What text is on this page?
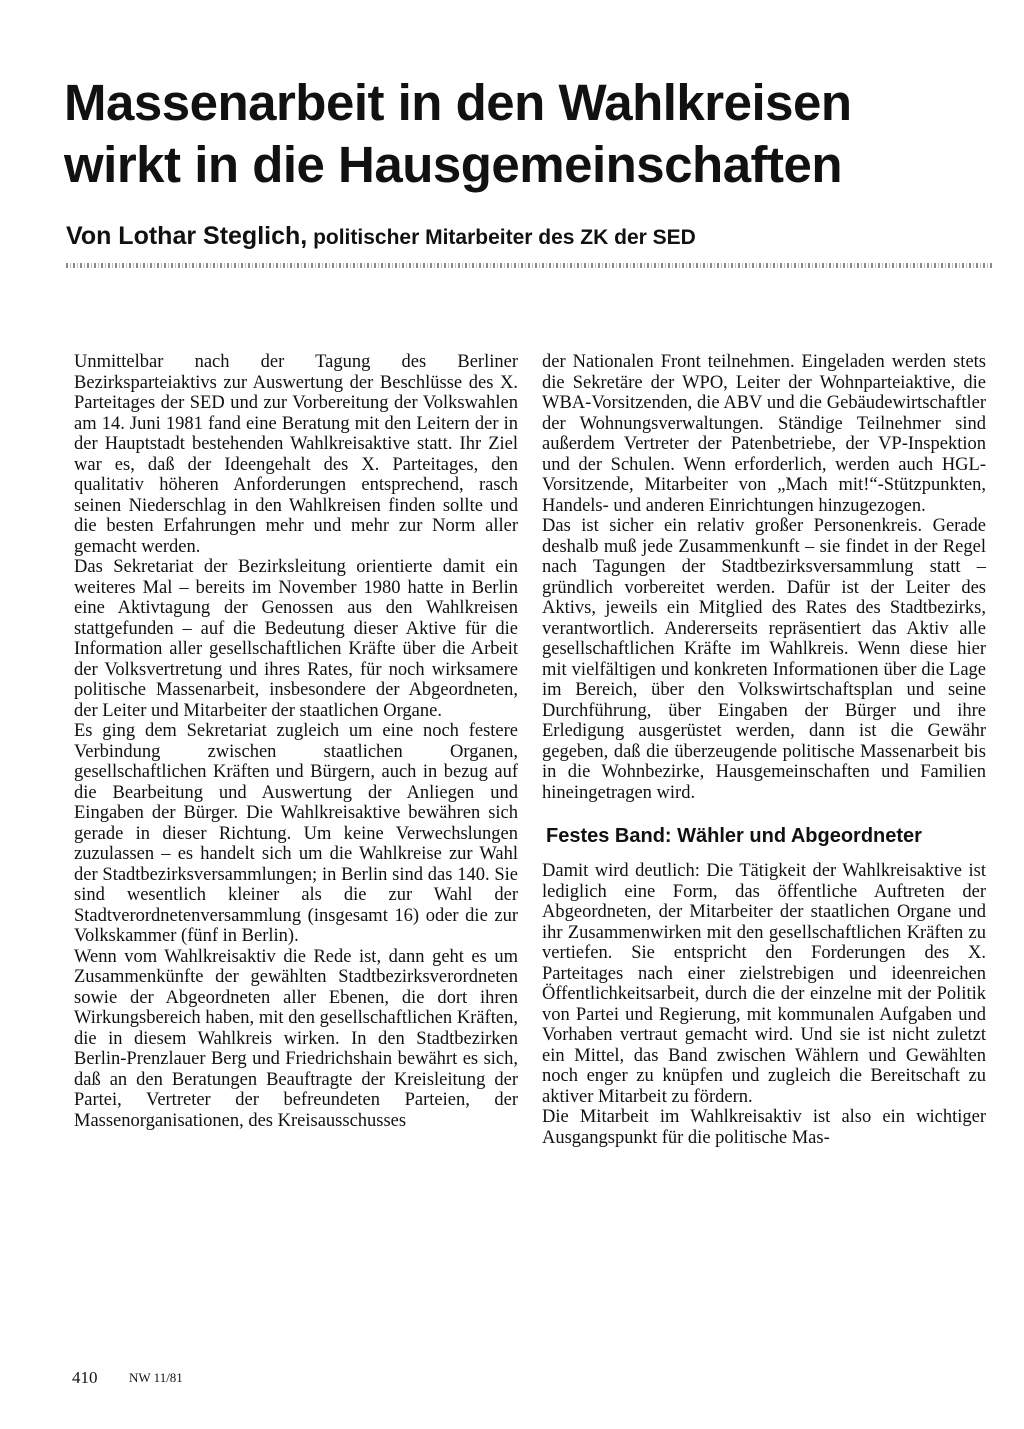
Massenarbeit in den Wahlkreisen
wirkt in die Hausgemeinschaften

Von Lothar Steglich, politischer Mitarbeiter des ZK der SED

Unmittelbar nach der Tagung des Berliner Bezirksparteiaktivs zur Auswertung der Beschlüsse des X. Parteitages der SED und zur Vorbereitung der Volkswahlen am 14. Juni 1981 fand eine Beratung mit den Leitern der in der Hauptstadt bestehenden Wahlkreisaktive statt. Ihr Ziel war es, daß der Ideengehalt des X. Parteitages, den qualitativ höheren Anforderungen entsprechend, rasch seinen Niederschlag in den Wahlkreisen finden sollte und die besten Erfahrungen mehr und mehr zur Norm aller gemacht werden.

Das Sekretariat der Bezirksleitung orientierte damit ein weiteres Mal – bereits im November 1980 hatte in Berlin eine Aktivtagung der Genossen aus den Wahlkreisen stattgefunden – auf die Bedeutung dieser Aktive für die Information aller gesellschaftlichen Kräfte über die Arbeit der Volksvertretung und ihres Rates, für noch wirksamere politische Massenarbeit, insbesondere der Abgeordneten, der Leiter und Mitarbeiter der staatlichen Organe.

Es ging dem Sekretariat zugleich um eine noch festere Verbindung zwischen staatlichen Organen, gesellschaftlichen Kräften und Bürgern, auch in bezug auf die Bearbeitung und Auswertung der Anliegen und Eingaben der Bürger. Die Wahlkreisaktive bewähren sich gerade in dieser Richtung. Um keine Verwechslungen zuzulassen – es handelt sich um die Wahlkreise zur Wahl der Stadtbezirksversammlungen; in Berlin sind das 140. Sie sind wesentlich kleiner als die zur Wahl der Stadtverordnetenversammlung (insgesamt 16) oder die zur Volkskammer (fünf in Berlin).

Wenn vom Wahlkreisaktiv die Rede ist, dann geht es um Zusammenkünfte der gewählten Stadtbezirksverordneten sowie der Abgeordneten aller Ebenen, die dort ihren Wirkungsbereich haben, mit den gesellschaftlichen Kräften, die in diesem Wahlkreis wirken. In den Stadtbezirken Berlin-Prenzlauer Berg und Friedrichshain bewährt es sich, daß an den Beratungen Beauftragte der Kreisleitung der Partei, Vertreter der befreundeten Parteien, der Massenorganisationen, des Kreisausschusses

der Nationalen Front teilnehmen. Eingeladen werden stets die Sekretäre der WPO, Leiter der Wohnparteiaktive, die WBA-Vorsitzenden, die ABV und die Gebäudewirtschaftler der Wohnungsverwaltungen. Ständige Teilnehmer sind außerdem Vertreter der Patenbetriebe, der VP-Inspektion und der Schulen. Wenn erforderlich, werden auch HGL-Vorsitzende, Mitarbeiter von „Mach mit!“-Stützpunkten, Handels- und anderen Einrichtungen hinzugezogen.

Das ist sicher ein relativ großer Personenkreis. Gerade deshalb muß jede Zusammenkunft – sie findet in der Regel nach Tagungen der Stadtbezirksversammlung statt – gründlich vorbereitet werden. Dafür ist der Leiter des Aktivs, jeweils ein Mitglied des Rates des Stadtbezirks, verantwortlich. Andererseits repräsentiert das Aktiv alle gesellschaftlichen Kräfte im Wahlkreis. Wenn diese hier mit vielfältigen und konkreten Informationen über die Lage im Bereich, über den Volkswirtschaftsplan und seine Durchführung, über Eingaben der Bürger und ihre Erledigung ausgerüstet werden, dann ist die Gewähr gegeben, daß die überzeugende politische Massenarbeit bis in die Wohnbezirke, Hausgemeinschaften und Familien hineingetragen wird.

Festes Band: Wähler und Abgeordneter

Damit wird deutlich: Die Tätigkeit der Wahlkreisaktive ist lediglich eine Form, das öffentliche Auftreten der Abgeordneten, der Mitarbeiter der staatlichen Organe und ihr Zusammenwirken mit den gesellschaftlichen Kräften zu vertiefen. Sie entspricht den Forderungen des X. Parteitages nach einer zielstrebigen und ideenreichen Öffentlichkeitsarbeit, durch die der einzelne mit der Politik von Partei und Regierung, mit kommunalen Aufgaben und Vorhaben vertraut gemacht wird. Und sie ist nicht zuletzt ein Mittel, das Band zwischen Wählern und Gewählten noch enger zu knüpfen und zugleich die Bereitschaft zu aktiver Mitarbeit zu fördern.

Die Mitarbeit im Wahlkreisaktiv ist also ein wichtiger Ausgangspunkt für die politische Mas-

410 NW 11/81
